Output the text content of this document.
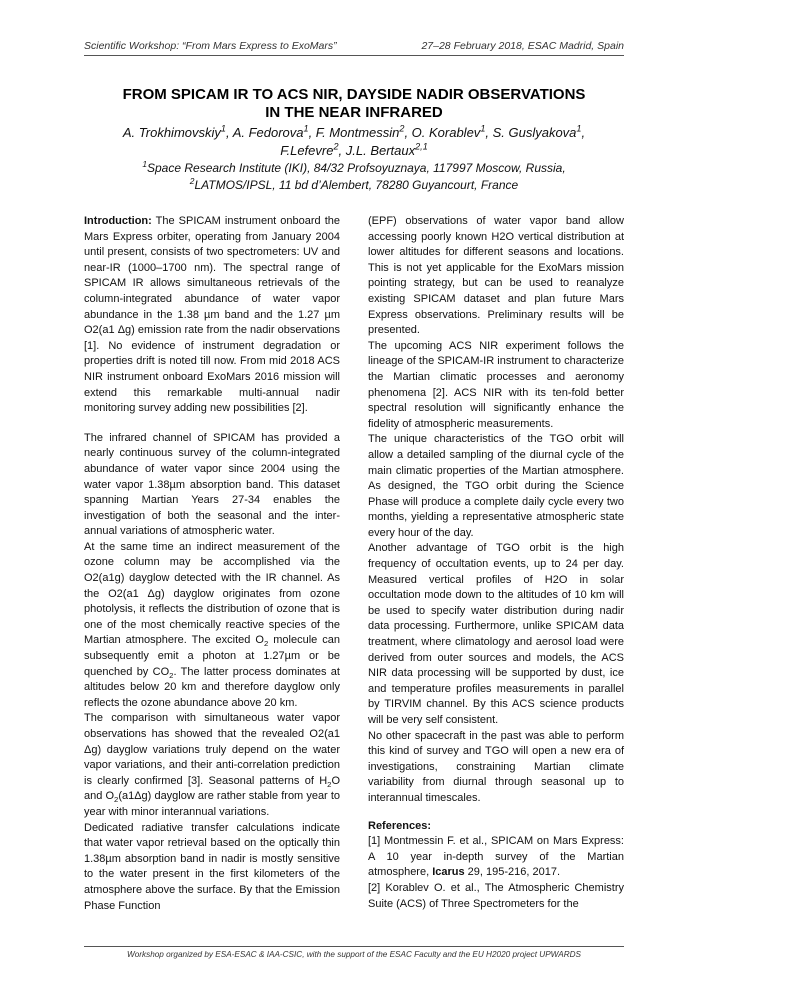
Scientific Workshop: “From Mars Express to ExoMars”	27–28 February 2018, ESAC Madrid, Spain
FROM SPICAM IR TO ACS NIR, DAYSIDE NADIR OBSERVATIONS
IN THE NEAR INFRARED

A. Trokhimovskiy$^1$, A. Fedorova$^1$, F. Montmessin$^2$, O. Korablev$^1$, S. Guslyakova$^1$,
F.Lefevre$^2$, J.L. Bertaux$^{2,1}$

$^1$Space Research Institute (IKI), 84/32 Profsoyuznaya, 117997 Moscow, Russia,
$^2$LATMOS/IPSL, 11 bd d’Alembert, 78280 Guyancourt, France

Introduction: The SPICAM instrument onboard the Mars Express orbiter, operating from January 2004 until present, consists of two spectrometers: UV and near-IR (1000–1700 nm). The spectral range of SPICAM IR allows simultaneous retrievals of the column-integrated abundance of water vapor abundance in the 1.38 µm band and the 1.27 µm O2(a1 Δg) emission rate from the nadir observations [1]. No evidence of instrument degradation or properties drift is noted till now. From mid 2018 ACS NIR instrument onboard ExoMars 2016 mission will extend this remarkable multi-annual nadir monitoring survey adding new possibilities [2].

The infrared channel of SPICAM has provided a nearly continuous survey of the column-integrated abundance of water vapor since 2004 using the water vapor 1.38µm absorption band. This dataset spanning Martian Years 27-34 enables the investigation of both the seasonal and the inter-annual variations of atmospheric water.

At the same time an indirect measurement of the ozone column may be accomplished via the O2(a1g) dayglow detected with the IR channel. As the O2(a1 Δg) dayglow originates from ozone photolysis, it reflects the distribution of ozone that is one of the most chemically reactive species of the Martian atmosphere. The excited $O_2$ molecule can subsequently emit a photon at 1.27µm or be quenched by $CO_2$. The latter process dominates at altitudes below 20 km and therefore dayglow only reflects the ozone abundance above 20 km.

The comparison with simultaneous water vapor observations has showed that the revealed O2(a1 Δg) dayglow variations truly depend on the water vapor variations, and their anti-correlation prediction is clearly confirmed [3]. Seasonal patterns of $H_2O$ and $O_2(a1\Delta g)$ dayglow are rather stable from year to year with minor interannual variations.

Dedicated radiative transfer calculations indicate that water vapor retrieval based on the optically thin 1.38µm absorption band in nadir is mostly sensitive to the water present in the first kilometers of the atmosphere above the surface. By that the Emission Phase Function

(EPF) observations of water vapor band allow accessing poorly known H2O vertical distribution at lower altitudes for different seasons and locations. This is not yet applicable for the ExoMars mission pointing strategy, but can be used to reanalyze existing SPICAM dataset and plan future Mars Express observations. Preliminary results will be presented.

The upcoming ACS NIR experiment follows the lineage of the SPICAM-IR instrument to characterize the Martian climatic processes and aeronomy phenomena [2]. ACS NIR with its ten-fold better spectral resolution will significantly enhance the fidelity of atmospheric measurements.

The unique characteristics of the TGO orbit will allow a detailed sampling of the diurnal cycle of the main climatic properties of the Martian atmosphere. As designed, the TGO orbit during the Science Phase will produce a complete daily cycle every two months, yielding a representative atmospheric state every hour of the day.

Another advantage of TGO orbit is the high frequency of occultation events, up to 24 per day. Measured vertical profiles of H2O in solar occultation mode down to the altitudes of 10 km will be used to specify water distribution during nadir data processing. Furthermore, unlike SPICAM data treatment, where climatology and aerosol load were derived from outer sources and models, the ACS NIR data processing will be supported by dust, ice and temperature profiles measurements in parallel by TIRVIM channel. By this ACS science products will be very self consistent.

No other spacecraft in the past was able to perform this kind of survey and TGO will open a new era of investigations, constraining Martian climate variability from diurnal through seasonal up to interannual timescales.

References:

[1] Montmessin F. et al., SPICAM on Mars Express: A 10 year in-depth survey of the Martian atmosphere, Icarus 29, 195-216, 2017.

[2] Korablev O. et al., The Atmospheric Chemistry Suite (ACS) of Three Spectrometers for the

Workshop organized by ESA-ESAC & IAA-CSIC, with the support of the ESAC Faculty and the EU H2020 project UPWARDS
